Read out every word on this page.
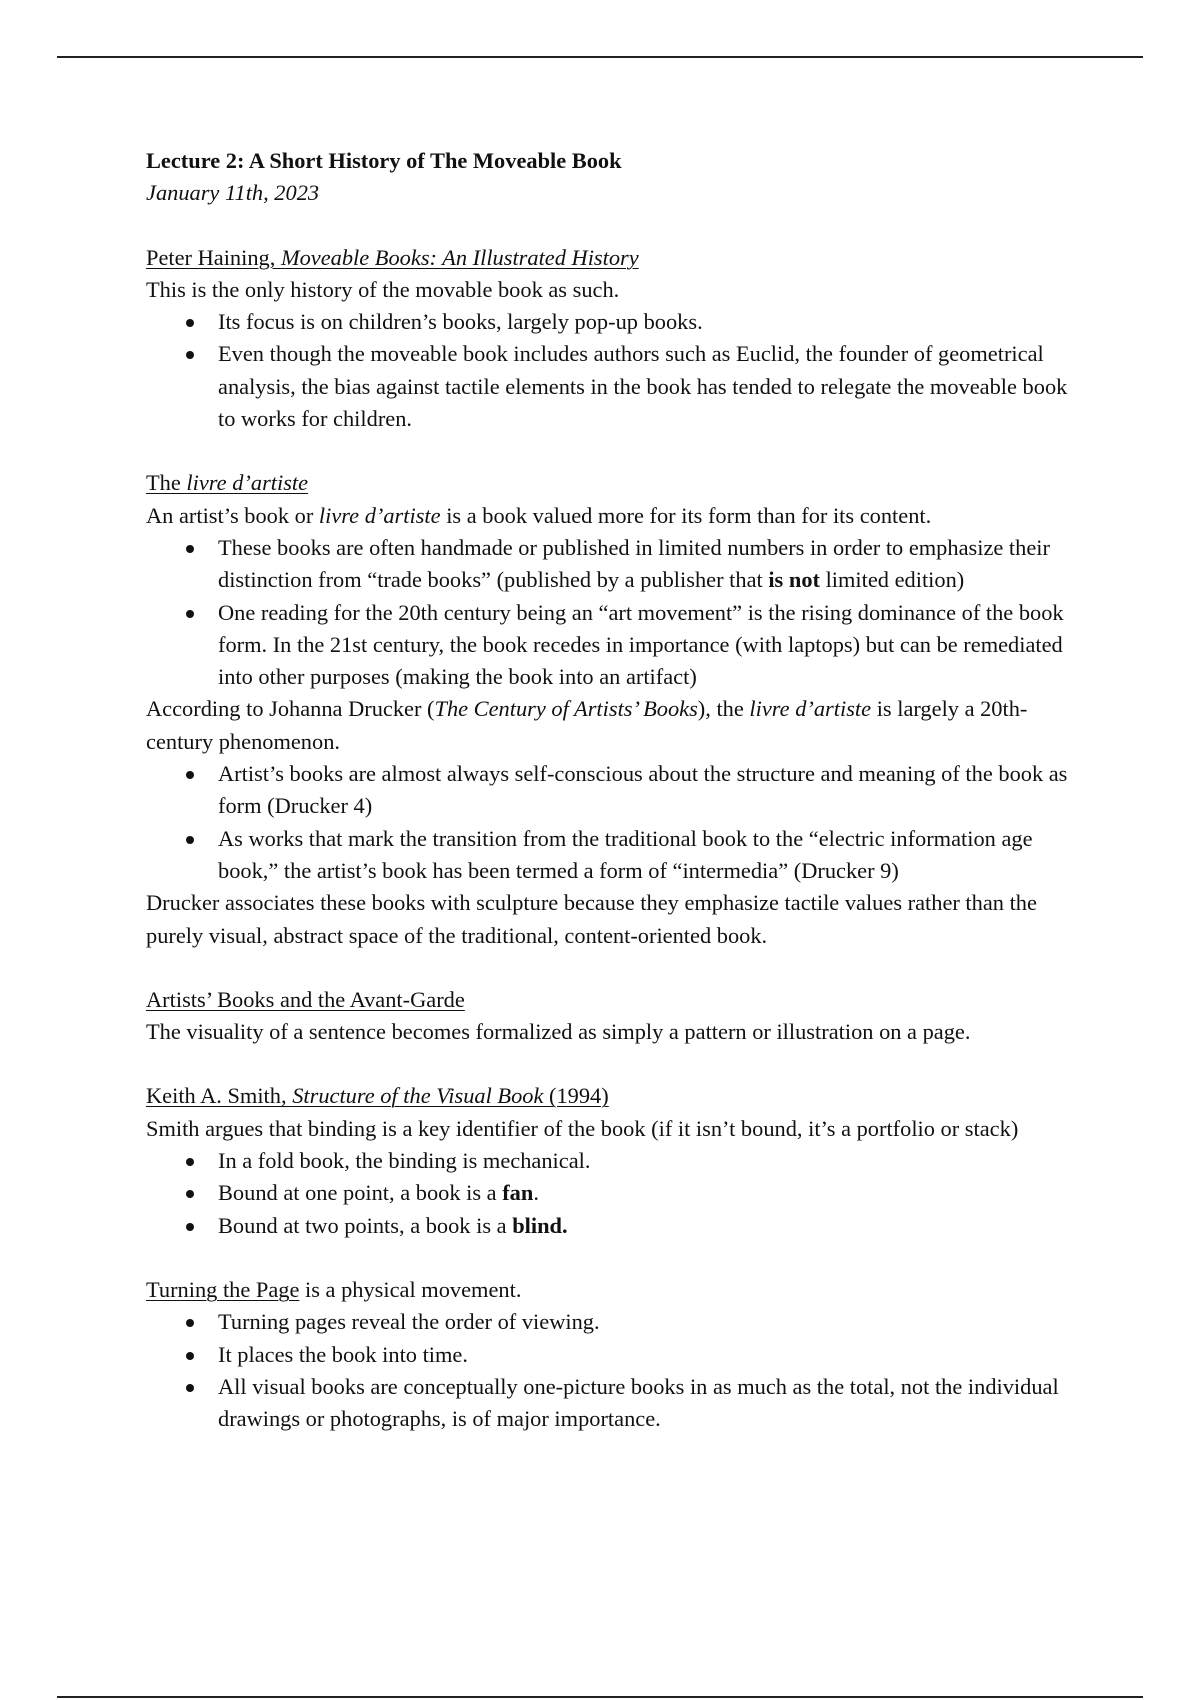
Lecture 2: A Short History of The Moveable Book

January 11th, 2023

Peter Haining, Moveable Books: An Illustrated History

This is the only history of the movable book as such.

Its focus is on children’s books, largely pop-up books.
Even though the moveable book includes authors such as Euclid, the founder of geometrical analysis, the bias against tactile elements in the book has tended to relegate the moveable book to works for children.

The livre d’artiste

An artist’s book or livre d’artiste is a book valued more for its form than for its content.

These books are often handmade or published in limited numbers in order to emphasize their distinction from “trade books” (published by a publisher that is not limited edition)
One reading for the 20th century being an “art movement” is the rising dominance of the book form. In the 21st century, the book recedes in importance (with laptops) but can be remediated into other purposes (making the book into an artifact)

According to Johanna Drucker (The Century of Artists’ Books), the livre d’artiste is largely a 20th-century phenomenon.

Artist’s books are almost always self-conscious about the structure and meaning of the book as form (Drucker 4)
As works that mark the transition from the traditional book to the “electric information age book,” the artist’s book has been termed a form of “intermedia” (Drucker 9)

Drucker associates these books with sculpture because they emphasize tactile values rather than the purely visual, abstract space of the traditional, content-oriented book.

Artists’ Books and the Avant-Garde

The visuality of a sentence becomes formalized as simply a pattern or illustration on a page.

Keith A. Smith, Structure of the Visual Book (1994)

Smith argues that binding is a key identifier of the book (if it isn’t bound, it’s a portfolio or stack)

In a fold book, the binding is mechanical.
Bound at one point, a book is a fan.
Bound at two points, a book is a blind.

Turning the Page is a physical movement.

Turning pages reveal the order of viewing.
It places the book into time.
All visual books are conceptually one-picture books in as much as the total, not the individual drawings or photographs, is of major importance.
